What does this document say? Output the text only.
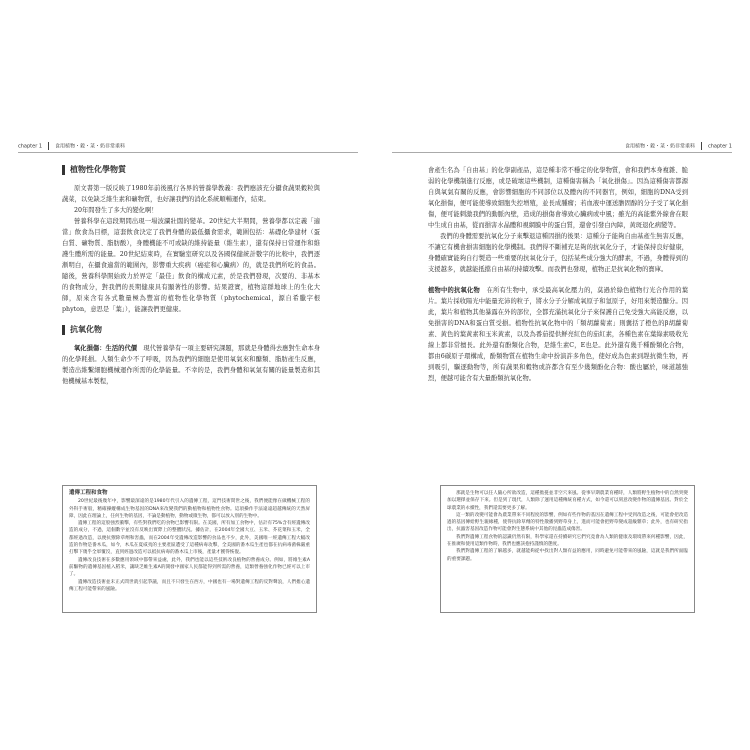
chapter 1	食用植物・穀・菜・奶非常重料	食用植物・穀・菜・奶非常重料	chapter 1
植物性化學物質

原文書第一版反映了1980年前後風行各界的營養學教義：我們應該充分攝食蔬果穀粒與蔬菜，以免缺乏維生素和礦物質，也好讓我們的消化系統順暢運作，結束。

20年間發生了多大的變化啊！

營養科學在這段期間出現一場波瀾壯闊的變革。20世紀大半期間，營養學都以定義「適當」飲食為目標，這套飲食決定了我們身體的最低攝食需求，範圍包括：基礎化學建材（蛋白質、礦物質、脂肪酸），身體機能不可或缺的維持能量（維生素），還有保持日常運作和維護生體所需的能量。20世紀結束時，在實驗室研究以及各國保健統計數字的比較中，我們逐漸明白，在攝食適當的範圍內，影響重大疾病（癌症和心臟病）的，就是我們所吃的食品。隨後，營養科學開始致力於界定「最佳」飲食的構成元素，於是我們發現，次要的、非基本的食物成分，對我們的長期健康具有顯著性的影響。結果證實，植物這群地球上的生化大師，原來含有各式數量極為豐富的植物性化學物質（phytochemical，源自希臘字根phyton，意思是「葉」），能讓我們更健康。

抗氧化物

氧化損傷：生活的代價　 現代營養學有一項主要研究課題，那就是身體得去應對生命本身的化學耗損。人類生命少不了呼吸，因為我們的細胞是使用氧氣來和醣類、脂肪產生反應，製造出維繫細胞機械運作所需的化學能量。不幸的是，我們身體和氧氣有關的能量製造和其他機械基本製程，

會產生名為「自由基」的化學副產品，這是種非常不穩定的化學物質，會和我們本身複雜、脆弱的化學機制進行反應，或是破壞這些機制，這種傷害稱為「氧化損傷」。因為這種傷害都源自與氧氣有關的反應，會影響細胞的不同部位以及體內的不同器官，例如，細胞的DNA受到氧化損傷，便可能使導致細胞失控增殖，並長成腫瘤；若血液中運送膽固醇的分子受了氧化損傷，便可能刺激我們的動脈內壁，造成的損傷會導致心臟病或中風；雖光的高能紫外線會在眼中生成自由基，從而損害水晶體和視網膜中的蛋白質，還會引發白內障，黃斑退化病變等。

我們的身體需要抗氧化分子來擊退這種因損的後果：這種分子能夠自由基產生無害反應，不讓它有機會損害細胞的化學機制。我們得不斷補充足夠的抗氧化分子，才能保持良好健康，身體確實能夠自行製造一些重要的抗氧化分子，包括某些成分強大的酵素，不過，身體得到的支援越多，就越能抵擋自由基的持續攻擊。而我們也發現，植物正是抗氧化物的寶庫。

植物中的抗氧化物　 在所有生物中，承受最高氧化壓力的，莫過於綠色植物行光合作用的葉片。葉片採收陽光中能量充沛的粒子，將水分子分解成氧原子和氫原子，好用來製造醣分。因此，葉片和植物其他暴露在外的部位，全都充滿抗氧化分子來保護自己免受強大高能反應，以免損害的DNA和蛋白質受損。植物性抗氧化物中的「類胡蘿蔔素」則囊括了橙色的β胡蘿蔔素、黃色的葉黃素和玉米黃素，以及為番茄提供鮮亮紅色的茄紅素，各種色素在葉綠素吸收光線上都非常擅長。此外還有酚類化合物，是維生素C，E也是。此外還有幾千種酚類化合物，都由6碳原子環構成，酚類物質在植物生命中扮演許多角色，使好成為色素到趕抗微生物，再到吸引，驅逐動物等，所有蔬果和穀物或許都含有至少幾類酚化合物：酸也屬於，味道越強烈，便越可能含有大量酚類抗氧化物。

遺傳工程和食物

20世紀最後幾年中，影響最深遠的是1980年代引入的遺傳工程，這門技術問世之後，我們便能像在做機械工程的外科手術般，精確操縱構成生物基因的DNA來改變我們的動植物和植物性食物。這項操作手法遠遠超越傳統的天然屏障，因此在理論上，任何生物的基因，不論是動植物，動物或微生物，都可以放入別的生物中。

遺傳工程的這股強烈衝擊，有些對我們吃的食物已影響有限。在美國，所有加工食物中，估計有75%含有經遺傳改造的成分，不過，這個數字並沒有反映出實際上的整體狀況。據估計，在2004年全國大豆、玉米、芥花菜和玉米，全都經過改造，以便抗禦除草劑和害蟲，而在2004年受遺傳改造影響的食品也不少，此外，美國唯一經遺傳工程大幅改造的作物是番木瓜，如今，木瓜在夏威夷的主要產區遭受了這種病毒攻擊，全美國的番木瓜生產也都在抗病毒菌株嚴重打擊下幾乎全軍覆沒，直到經過改造可以抵抗病毒的番木瓜上市後，產量才獲得恢復。

遺傳改良技術在多數應用領域中都帶來益處，此外，我們也能以這些技術改良植物的營養成分。例如，將維生素A前驅物的遺傳基因植入稻米，讓缺乏維生素A的開發中國家人民都能得到所需的營養，這類營養強化作物已經可以上市了。

遺傳改造技術並未正式問世就引起爭議，而且不只發生在西方，中國也有一場對遺傳工程的反對聲浪，人們擔心遺傳工程可能帶來的風險。

那就是生物可以任人隨心所欲改造，這種擔憂並非空穴來風。從事早期農業育種時，人類將野生植物中的自然突變加以選擇並保存下來。但是到了現代，人類除了運用這種傳統育種方式，如今還可以刻意改變作物的遺傳基因。對於全球農業的永續性，我們還需要更多了解。

這一類的改變可能會為農業帶來不同程度的影響，例如有些作物的基因在遺傳工程中受到改造之後，可能會把改造過的基因傳給野生親緣種，使得抗除草劑的特性散播到野草身上，進而可能會把野草變成超級雜草；此外，也有研究指出，抗蟲害基因改造作物可能會對生態系統中其他的昆蟲造成傷害。

我們對遺傳工程食物的認識仍然有限，科學家還在持續研究它們究竟會為人類的健康及環境帶來何種影響，因此，在推廣和使用這類作物時，我們也應該抱持謹慎的態度。

我們對遺傳工程的了解越多，就越能夠從中找出對人類有益的應用，同時避免可能帶來的風險，這就是我們所面臨的重要課題。
